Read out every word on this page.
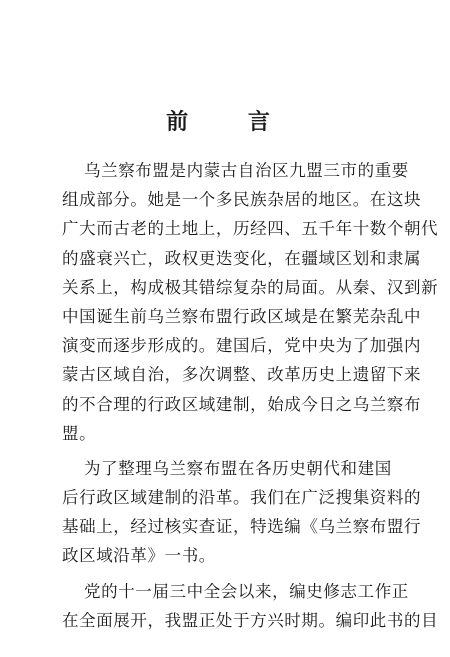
前 言
乌兰察布盟是内蒙古自治区九盟三市的重要
组成部分。她是一个多民族杂居的地区。在这块
广大而古老的土地上，历经四、五千年十数个朝代
的盛衰兴亡，政权更迭变化，在疆域区划和隶属
关系上，构成极其错综复杂的局面。从秦、汉到新
中国诞生前乌兰察布盟行政区域是在繁芜杂乱中
演变而逐步形成的。建国后，党中央为了加强内
蒙古区域自治，多次调整、改革历史上遗留下来
的不合理的行政区域建制，始成今日之乌兰察布
盟。
为了整理乌兰察布盟在各历史朝代和建国
后行政区域建制的沿革。我们在广泛搜集资料的
基础上，经过核实查证，特选编《乌兰察布盟行
政区域沿革》一书。
党的十一届三中全会以来，编史修志工作正
在全面展开，我盟正处于方兴时期。编印此书的目
